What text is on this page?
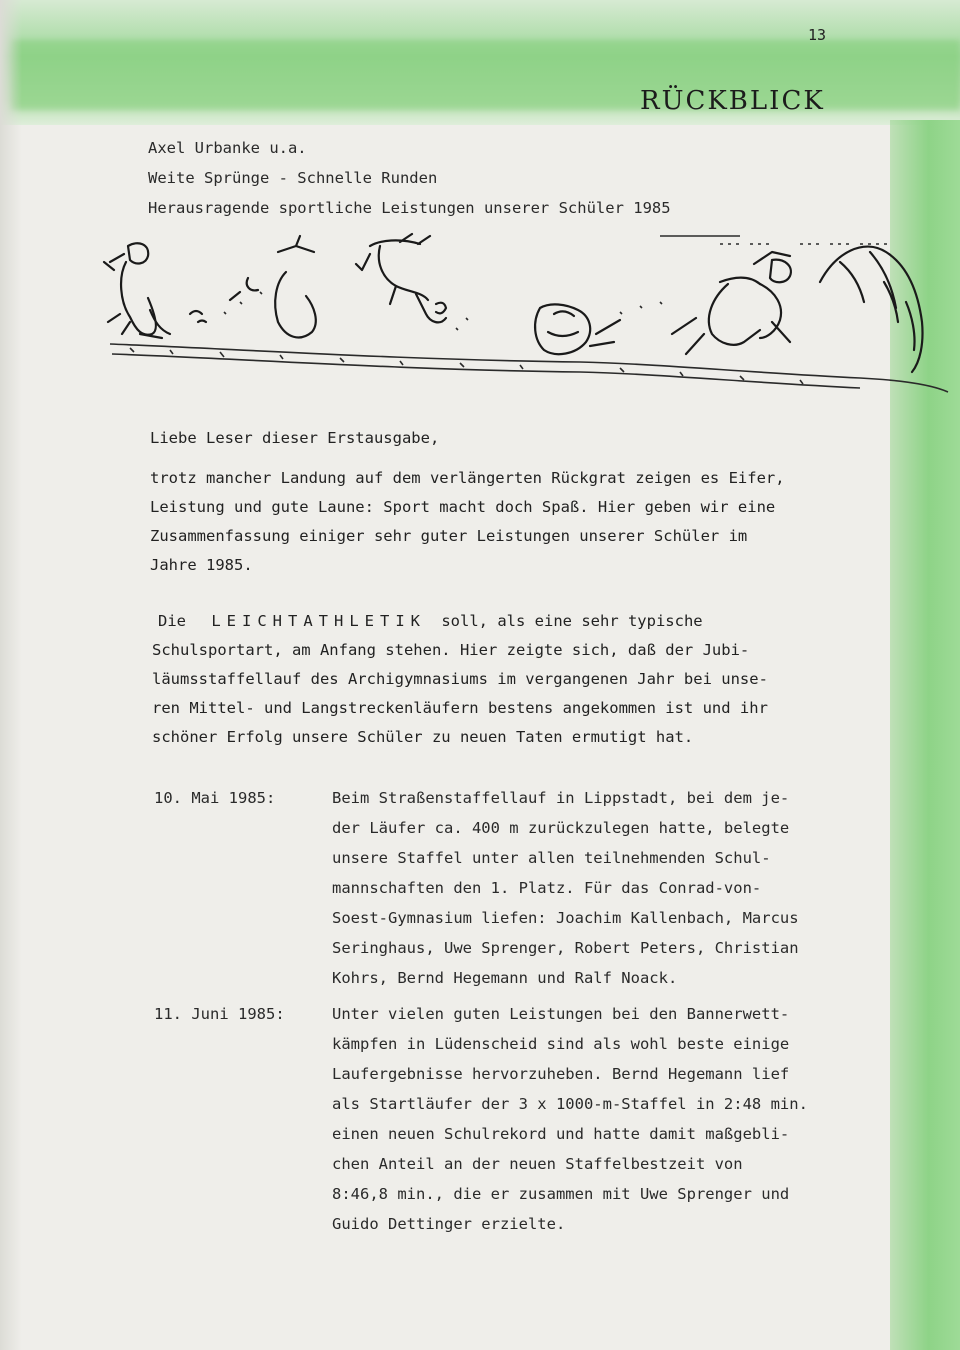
13
RÜCKBLICK
Axel Urbanke u.a.
Weite Sprünge - Schnelle Runden
Herausragende sportliche Leistungen unserer Schüler 1985
Liebe Leser dieser Erstausgabe,
trotz mancher Landung auf dem verlängerten Rückgrat zeigen es Eifer,
Leistung und gute Laune: Sport macht doch Spaß. Hier geben wir eine
Zusammenfassung einiger sehr guter Leistungen unserer Schüler im
Jahre 1985.
Die LEICHTATHLETIK soll, als eine sehr typische
Schulsportart, am Anfang stehen. Hier zeigte sich, daß der Jubi-
läumsstaffellauf des Archigymnasiums im vergangenen Jahr bei unse-
ren Mittel- und Langstreckenläufern bestens angekommen ist und ihr
schöner Erfolg unsere Schüler zu neuen Taten ermutigt hat.
10. Mai 1985:	Beim Straßenstaffellauf in Lippstadt, bei dem je-
der Läufer ca. 400 m zurückzulegen hatte, belegte
unsere Staffel unter allen teilnehmenden Schul-
mannschaften den 1. Platz. Für das Conrad-von-
Soest-Gymnasium liefen: Joachim Kallenbach, Marcus
Seringhaus, Uwe Sprenger, Robert Peters, Christian
Kohrs, Bernd Hegemann und Ralf Noack.
11. Juni 1985:	Unter vielen guten Leistungen bei den Bannerwett-
kämpfen in Lüdenscheid sind als wohl beste einige
Laufergebnisse hervorzuheben. Bernd Hegemann lief
als Startläufer der 3 x 1000-m-Staffel in 2:48 min.
einen neuen Schulrekord und hatte damit maßgebli-
chen Anteil an der neuen Staffelbestzeit von
8:46,8 min., die er zusammen mit Uwe Sprenger und
Guido Dettinger erzielte.
